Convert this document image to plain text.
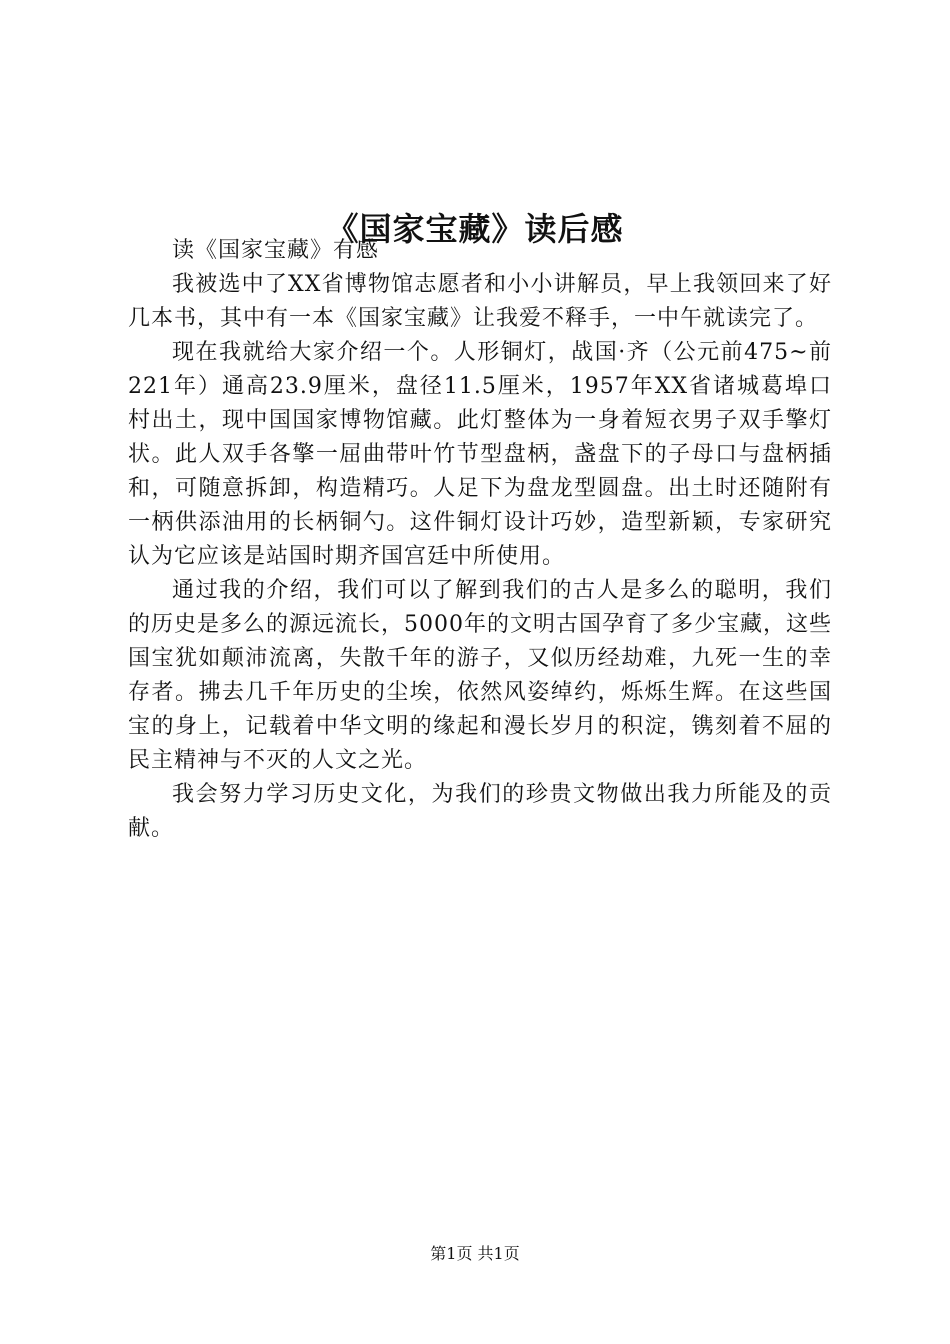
《国家宝藏》读后感

读《国家宝藏》有感

我被选中了XX省博物馆志愿者和小小讲解员，早上我领回来了好几本书，其中有一本《国家宝藏》让我爱不释手，一中午就读完了。

现在我就给大家介绍一个。人形铜灯，战国·齐（公元前475~前221年）通高23.9厘米，盘径11.5厘米，1957年XX省诸城葛埠口村出土，现中国国家博物馆藏。此灯整体为一身着短衣男子双手擎灯状。此人双手各擎一屈曲带叶竹节型盘柄，盏盘下的子母口与盘柄插和，可随意拆卸，构造精巧。人足下为盘龙型圆盘。出土时还随附有一柄供添油用的长柄铜勺。这件铜灯设计巧妙，造型新颖，专家研究认为它应该是站国时期齐国宫廷中所使用。

通过我的介绍，我们可以了解到我们的古人是多么的聪明，我们的历史是多么的源远流长，5000年的文明古国孕育了多少宝藏，这些国宝犹如颠沛流离，失散千年的游子，又似历经劫难，九死一生的幸存者。拂去几千年历史的尘埃，依然风姿绰约，烁烁生辉。在这些国宝的身上，记载着中华文明的缘起和漫长岁月的积淀，镌刻着不屈的民主精神与不灭的人文之光。

我会努力学习历史文化，为我们的珍贵文物做出我力所能及的贡献。

第1页 共1页
